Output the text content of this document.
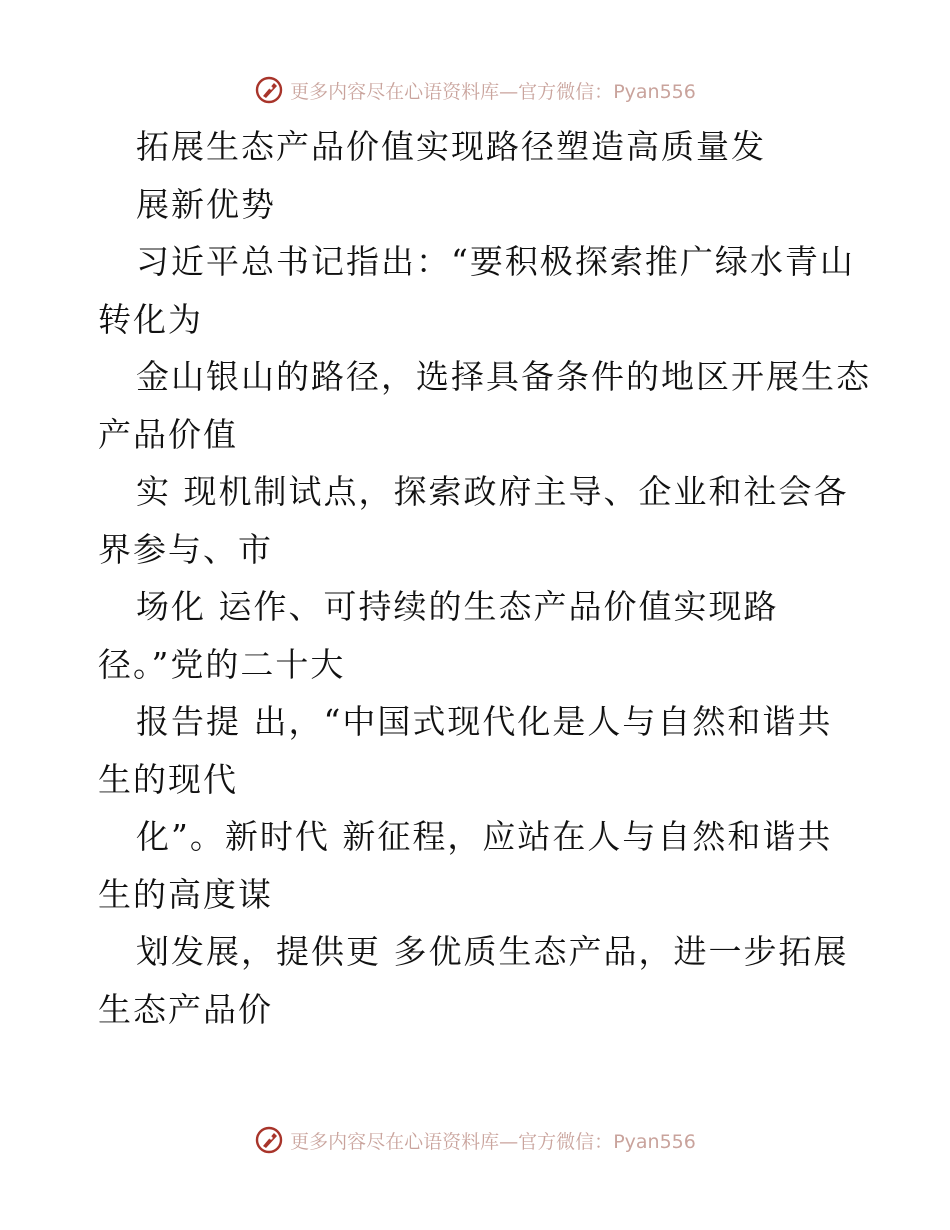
更多内容尽在心语资料库—官方微信：Pyan556
拓展生态产品价值实现路径塑造高质量发
展新优势
习近平总书记指出：“要积极探索推广绿水青山
转化为
金山银山的路径，选择具备条件的地区开展生态
产品价值
实 现机制试点，探索政府主导、企业和社会各
界参与、市
场化 运作、可持续的生态产品价值实现路
径。”党的二十大
报告提 出，“中国式现代化是人与自然和谐共
生的现代
化”。新时代 新征程，应站在人与自然和谐共
生的高度谋
划发展，提供更 多优质生态产品，进一步拓展
生态产品价
更多内容尽在心语资料库—官方微信：Pyan556
